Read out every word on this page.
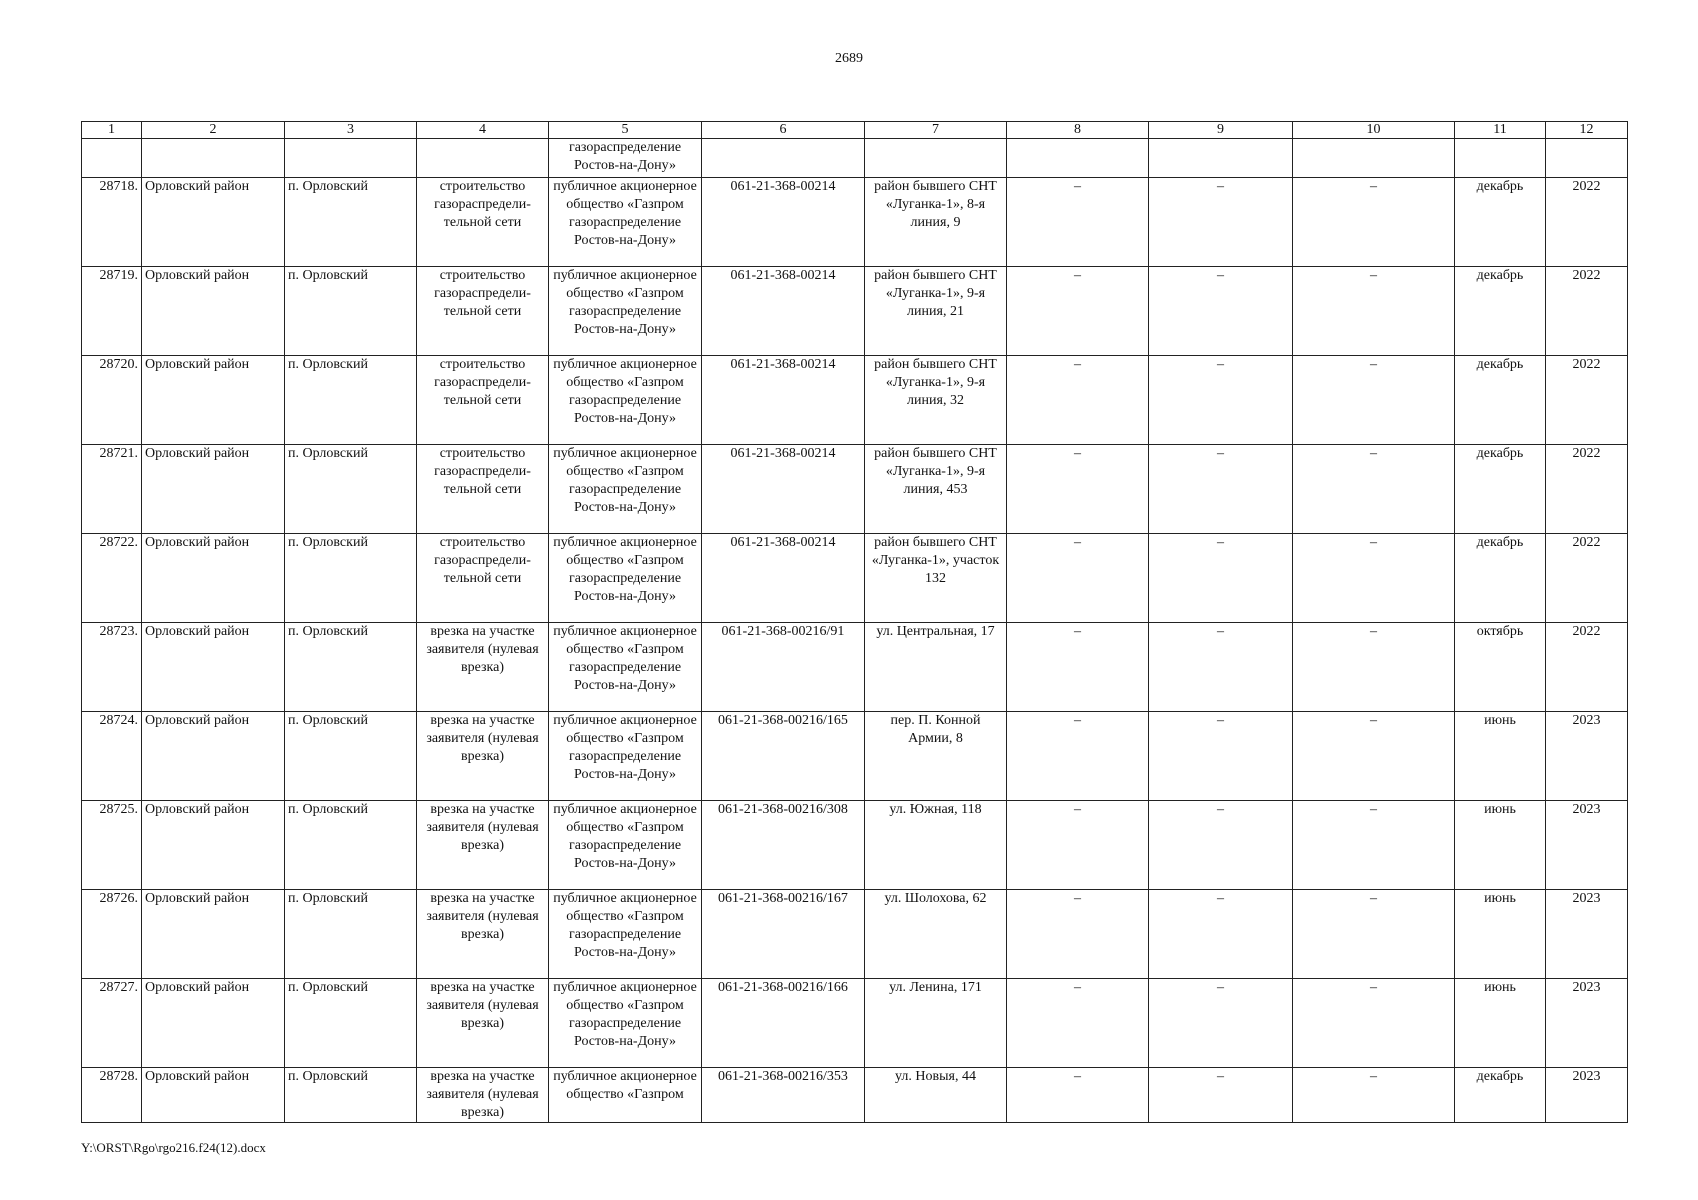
2689
1	2	3	4	5	6	7	8	9	10	11	12
				газораспределение Ростов-на-Дону»							
28718.	Орловский район	п. Орловский	строительство газораспредели-тельной сети	публичное акционерное общество «Газпром газораспределение Ростов-на-Дону»	061-21-368-00214	район бывшего СНТ «Луганка-1», 8-я линия, 9	–	–	–	декабрь	2022
28719.	Орловский район	п. Орловский	строительство газораспредели-тельной сети	публичное акционерное общество «Газпром газораспределение Ростов-на-Дону»	061-21-368-00214	район бывшего СНТ «Луганка-1», 9-я линия, 21	–	–	–	декабрь	2022
28720.	Орловский район	п. Орловский	строительство газораспредели-тельной сети	публичное акционерное общество «Газпром газораспределение Ростов-на-Дону»	061-21-368-00214	район бывшего СНТ «Луганка-1», 9-я линия, 32	–	–	–	декабрь	2022
28721.	Орловский район	п. Орловский	строительство газораспредели-тельной сети	публичное акционерное общество «Газпром газораспределение Ростов-на-Дону»	061-21-368-00214	район бывшего СНТ «Луганка-1», 9-я линия, 453	–	–	–	декабрь	2022
28722.	Орловский район	п. Орловский	строительство газораспредели-тельной сети	публичное акционерное общество «Газпром газораспределение Ростов-на-Дону»	061-21-368-00214	район бывшего СНТ «Луганка-1», участок 132	–	–	–	декабрь	2022
28723.	Орловский район	п. Орловский	врезка на участке заявителя (нулевая врезка)	публичное акционерное общество «Газпром газораспределение Ростов-на-Дону»	061-21-368-00216/91	ул. Центральная, 17	–	–	–	октябрь	2022
28724.	Орловский район	п. Орловский	врезка на участке заявителя (нулевая врезка)	публичное акционерное общество «Газпром газораспределение Ростов-на-Дону»	061-21-368-00216/165	пер. П. Конной Армии, 8	–	–	–	июнь	2023
28725.	Орловский район	п. Орловский	врезка на участке заявителя (нулевая врезка)	публичное акционерное общество «Газпром газораспределение Ростов-на-Дону»	061-21-368-00216/308	ул. Южная, 118	–	–	–	июнь	2023
28726.	Орловский район	п. Орловский	врезка на участке заявителя (нулевая врезка)	публичное акционерное общество «Газпром газораспределение Ростов-на-Дону»	061-21-368-00216/167	ул. Шолохова, 62	–	–	–	июнь	2023
28727.	Орловский район	п. Орловский	врезка на участке заявителя (нулевая врезка)	публичное акционерное общество «Газпром газораспределение Ростов-на-Дону»	061-21-368-00216/166	ул. Ленина, 171	–	–	–	июнь	2023
28728.	Орловский район	п. Орловский	врезка на участке заявителя (нулевая врезка)	публичное акционерное общество «Газпром	061-21-368-00216/353	ул. Новыя, 44	–	–	–	декабрь	2023
Y:\ORST\Rgo\rgo216.f24(12).docx
